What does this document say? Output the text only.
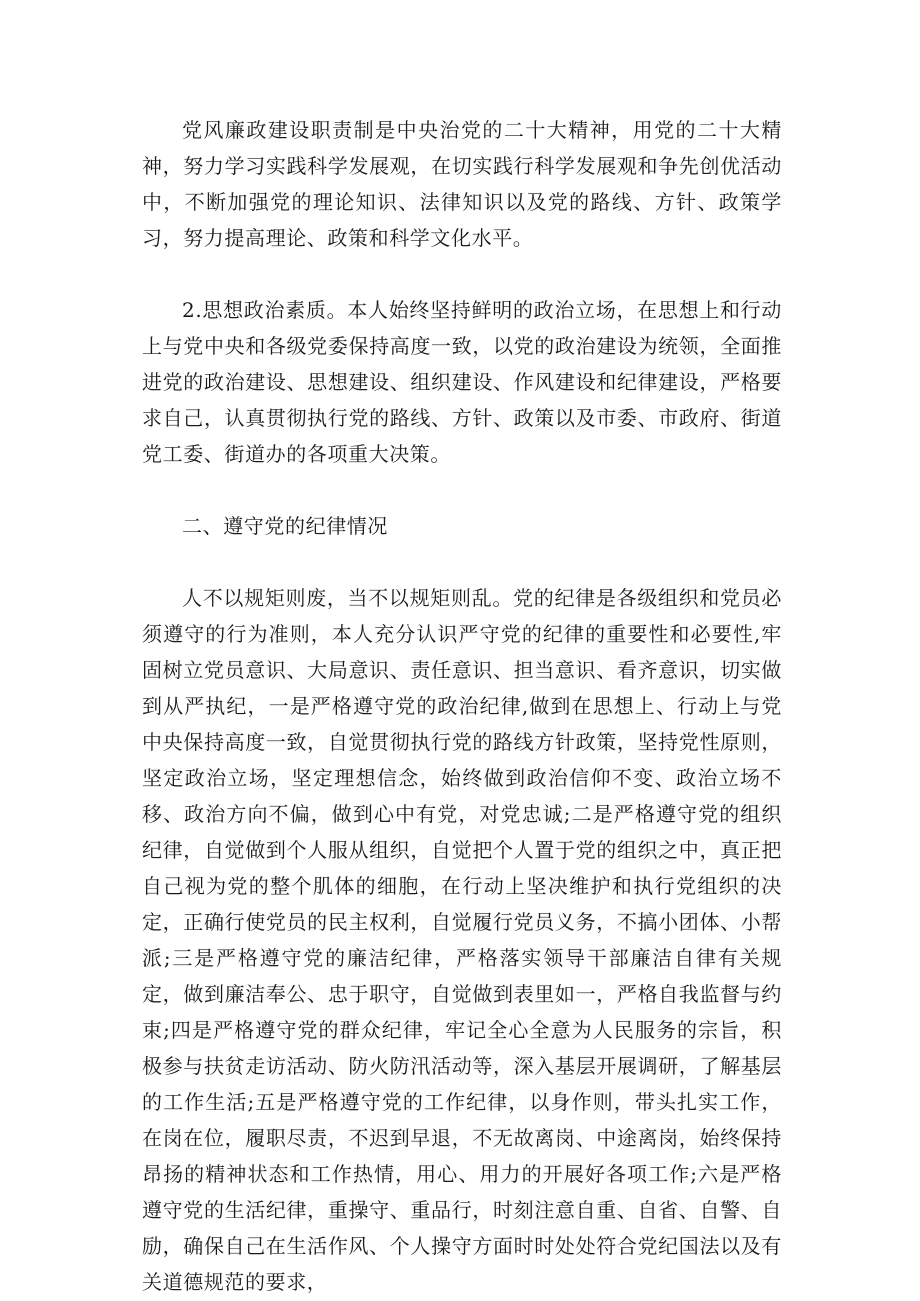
党风廉政建设职责制是中央治党的二十大精神，用党的二十大精神，努力学习实践科学发展观，在切实践行科学发展观和争先创优活动中，不断加强党的理论知识、法律知识以及党的路线、方针、政策学习，努力提高理论、政策和科学文化水平。

2.思想政治素质。本人始终坚持鲜明的政治立场，在思想上和行动上与党中央和各级党委保持高度一致，以党的政治建设为统领，全面推进党的政治建设、思想建设、组织建设、作风建设和纪律建设，严格要求自己，认真贯彻执行党的路线、方针、政策以及市委、市政府、街道党工委、街道办的各项重大决策。

二、遵守党的纪律情况

人不以规矩则废，当不以规矩则乱。党的纪律是各级组织和党员必须遵守的行为准则，本人充分认识严守党的纪律的重要性和必要性,牢固树立党员意识、大局意识、责任意识、担当意识、看齐意识，切实做到从严执纪，一是严格遵守党的政治纪律,做到在思想上、行动上与党中央保持高度一致，自觉贯彻执行党的路线方针政策，坚持党性原则，坚定政治立场，坚定理想信念，始终做到政治信仰不变、政治立场不移、政治方向不偏，做到心中有党，对党忠诚;二是严格遵守党的组织纪律，自觉做到个人服从组织，自觉把个人置于党的组织之中，真正把自己视为党的整个肌体的细胞，在行动上坚决维护和执行党组织的决定，正确行使党员的民主权利，自觉履行党员义务，不搞小团体、小帮派;三是严格遵守党的廉洁纪律，严格落实领导干部廉洁自律有关规定，做到廉洁奉公、忠于职守，自觉做到表里如一，严格自我监督与约束;四是严格遵守党的群众纪律，牢记全心全意为人民服务的宗旨，积极参与扶贫走访活动、防火防汛活动等，深入基层开展调研，了解基层的工作生活;五是严格遵守党的工作纪律，以身作则，带头扎实工作，在岗在位，履职尽责，不迟到早退，不无故离岗、中途离岗，始终保持昂扬的精神状态和工作热情，用心、用力的开展好各项工作;六是严格遵守党的生活纪律，重操守、重品行，时刻注意自重、自省、自警、自励，确保自己在生活作风、个人操守方面时时处处符合党纪国法以及有关道德规范的要求，
